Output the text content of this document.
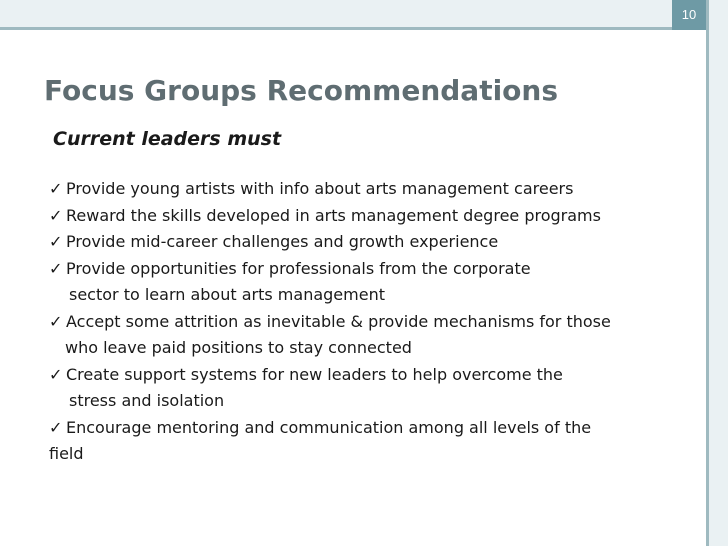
10
Focus Groups Recommendations
Current leaders must
✓ Provide young artists with info about arts management careers
✓ Reward the skills developed in arts management degree programs
✓ Provide mid-career challenges and growth experience
✓ Provide opportunities for professionals from the corporate
sector to learn about arts management
✓ Accept some attrition as inevitable & provide mechanisms for those
who leave paid positions to stay connected
✓ Create support systems for new leaders to help overcome the
stress and isolation
✓ Encourage mentoring and communication among all levels of the
field
